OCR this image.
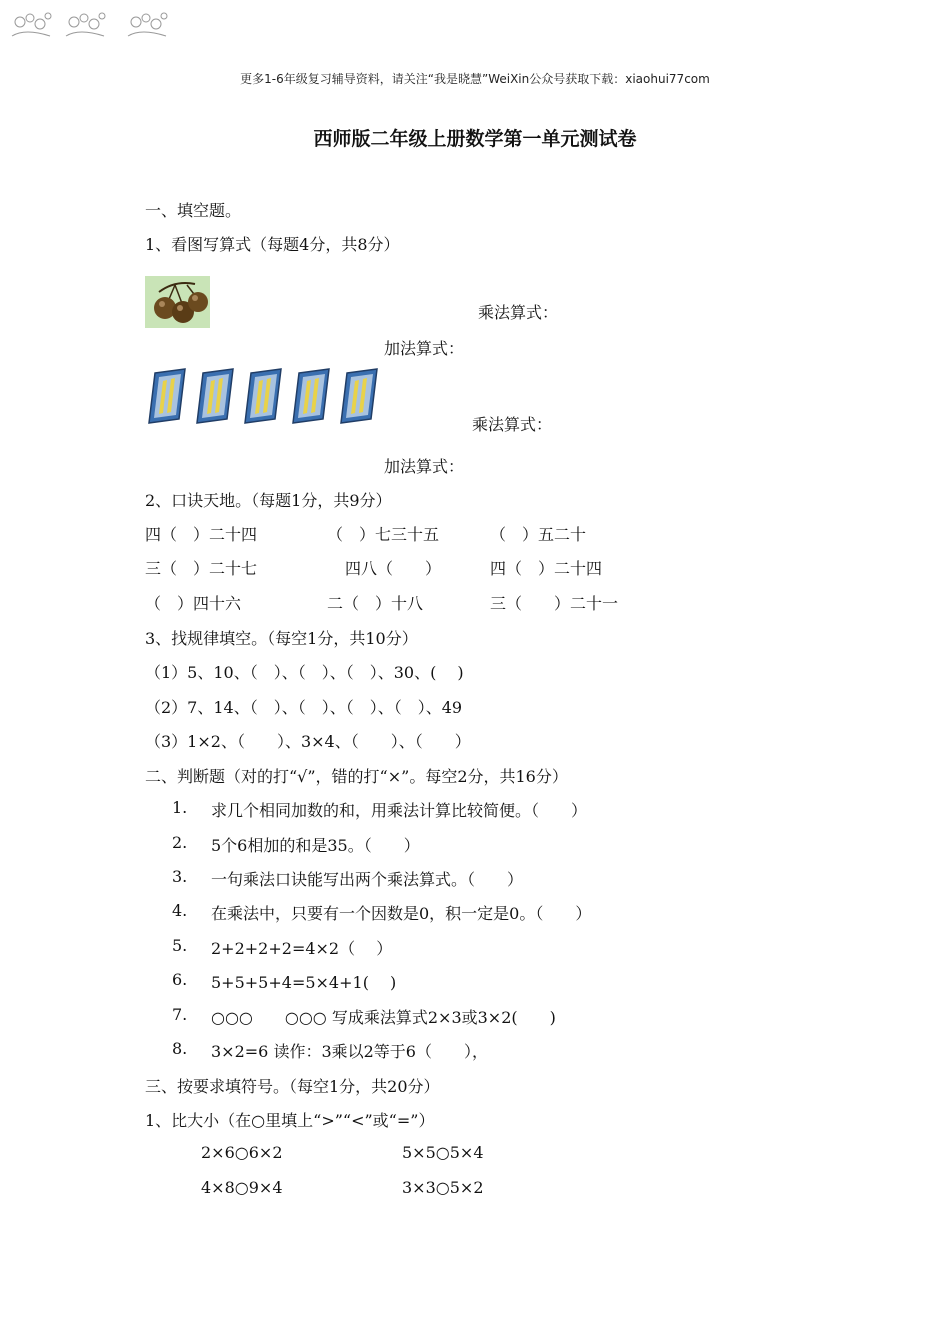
更多1-6年级复习辅导资料，请关注“我是晓慧”WeiXin公众号获取下载：xiaohui77com
西师版二年级上册数学第一单元测试卷
一、填空题。
1、看图写算式（每题4分，共8分）
乘法算式：
加法算式：
乘法算式：
加法算式：
2、口诀天地。（每题1分，共9分）
四（　）二十四	（　）七三十五	（　）五二十
三（　）二十七	四八（　　）	四（　）二十四
（　）四十六	二（　）十八	三（　　）二十一
3、找规律填空。（每空1分，共10分）
（1）5、10、（　）、（　）、（　）、30、(　 )
（2）7、14、（　）、（　）、（　）、（　）、49
（3）1×2、（　　）、3×4、（　　）、（　　）
二、判断题（对的打“√”，错的打“×”。每空2分，共16分）
1. 求几个相同加数的和，用乘法计算比较简便。（　　）
2. 5个6相加的和是35。（　　）
3. 一句乘法口诀能写出两个乘法算式。（　　）
4. 在乘法中，只要有一个因数是0，积一定是0。（　　）
5. 2+2+2+2=4×2（　 ）
6. 5+5+5+4=5×4+1(　 )
7. ○○○　　○○○ 写成乘法算式2×3或3×2(　　)
8. 3×2=6 读作：3乘以2等于6（　　），
三、按要求填符号。（每空1分，共20分）
1、比大小（在○里填上“>”“<”或“=”）
2×6○6×2	5×5○5×4
4×8○9×4	3×3○5×2
